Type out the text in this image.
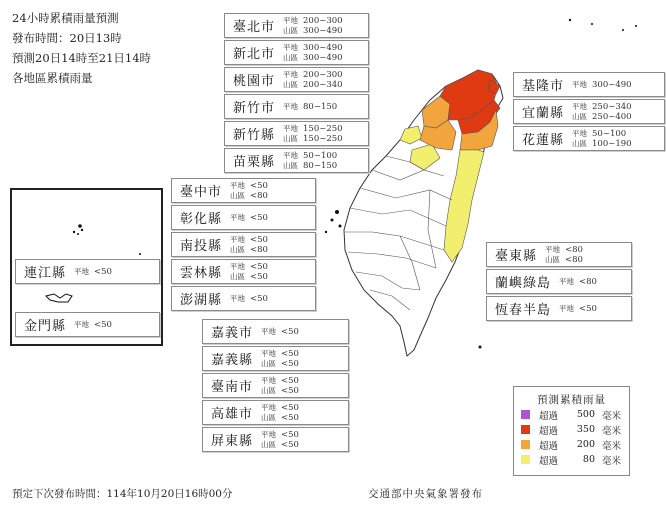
24小時累積雨量預測
發布時間：20日13時
預測20日14時至21日14時
各地區累積雨量
預測累積雨量
超過	500 毫米
超過	350 毫米
超過	200 毫米
超過	80 毫米
臺北市 平地 200~300
山區 300~490
新北市 平地 300~490
山區 300~490
桃園市 平地 200~300
山區 200~340
新竹市 平地 80~150
新竹縣 平地 150~250
山區 150~250
苗栗縣 平地 50~100
山區 80~150
臺中市 平地 <50
山區 <80
彰化縣 平地 <50
南投縣 平地 <50
山區 <80
雲林縣 平地 <50
山區 <50
澎湖縣 平地 <50
嘉義市 平地 <50
嘉義縣 平地 <50
山區 <50
臺南市 平地 <50
山區 <50
高雄市 平地 <50
山區 <50
屏東縣 平地 <50
山區 <50
基隆市 平地 300~490
宜蘭縣 平地 250~340
山區 250~400
花蓮縣 平地 50~100
山區 100~190
臺東縣 平地 <80
山區 <80
蘭嶼綠島 平地 <80
恆春半島 平地 <50
連江縣 平地 <50
金門縣 平地 <50
預定下次發布時間：114年10月20日16時00分	交通部中央氣象署發布
